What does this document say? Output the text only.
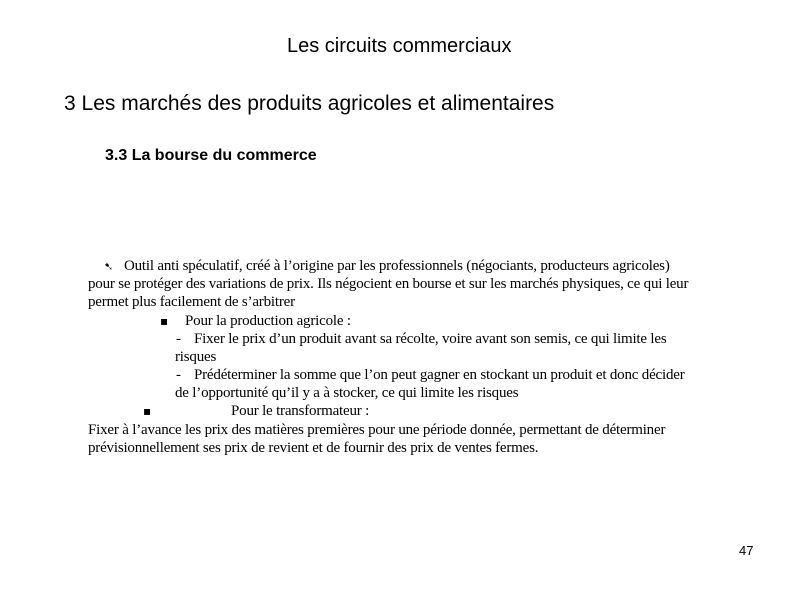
Les circuits commerciaux
3 Les marchés des produits agricoles et alimentaires
3.3 La bourse du commerce
➷ Outil anti spéculatif, créé à l’origine par les professionnels (négociants, producteurs agricoles)
pour se protéger des variations de prix. Ils négocient en bourse et sur les marchés physiques, ce qui leur
permet plus facilement de s’arbitrer
▪ Pour la production agricole :
- Fixer le prix d’un produit avant sa récolte, voire avant son semis, ce qui limite les
risques
- Prédéterminer la somme que l’on peut gagner en stockant un produit et donc décider
de l’opportunité qu’il y a à stocker, ce qui limite les risques
▪	Pour le transformateur :
Fixer à l’avance les prix des matières premières pour une période donnée, permettant de déterminer
prévisionnellement ses prix de revient et de fournir des prix de ventes fermes.
47
